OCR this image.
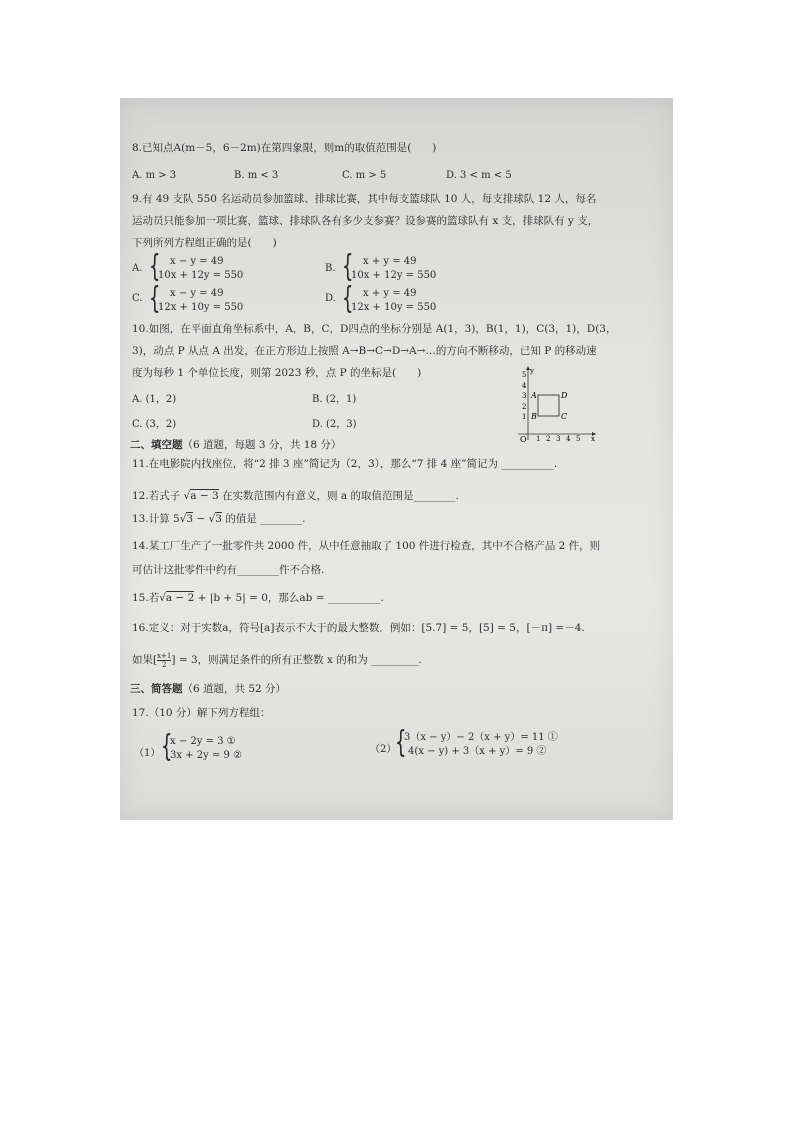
8.已知点A(m－5，6－2m)在第四象限，则m的取值范围是(　　)
A. m > 3	B. m < 3	C. m > 5	D. 3 < m < 5
9.有 49 支队 550 名运动员参加篮球、排球比赛，其中每支篮球队 10 人，每支排球队 12 人，每名
运动员只能参加一项比赛，篮球、排球队各有多少支参赛？设参赛的篮球队有 x 支，排球队有 y 支，
下列所列方程组正确的是(　　)
A. { x − y = 49
10x + 12y = 550
B. { x + y = 49
10x + 12y = 550
C. { x − y = 49
12x + 10y = 550
D. { x + y = 49
12x + 10y = 550
10.如图，在平面直角坐标系中，A，B，C，D四点的坐标分别是 A(1，3)，B(1，1)，C(3，1)，D(3，
3)，动点 P 从点 A 出发，在正方形边上按照 A→B→C→D→A→…的方向不断移动，已知 P 的移动速
度为每秒 1 个单位长度，则第 2023 秒，点 P 的坐标是(　　)
A. (1，2)	B. (2，1)
C. (3，2)	D. (2，3)
y
x
O
5
4
3
2
1
1 2 3 4 5
A
B	C
D
二、填空题（6 道题，每题 3 分，共 18 分）
11.在电影院内找座位，将“2 排 3 座”简记为（2，3），那么“7 排 4 座”简记为 __________.
12.若式子 √a − 3 在实数范围内有意义，则 a 的取值范围是________.
13.计算 5√3 − √3 的值是 ________.
14.某工厂生产了一批零件共 2000 件，从中任意抽取了 100 件进行检查，其中不合格产品 2 件，则
可估计这批零件中约有________件不合格.
15.若√a − 2 + |b + 5| = 0，那么ab = __________.
16.定义：对于实数a，符号[a]表示不大于的最大整数．例如：[5.7] = 5，[5] = 5，[－π] =－4.
如果[ $\frac{x+1}{2}$ ] = 3，则满足条件的所有正整数 x 的和为 _________.
三、简答题（6 道题，共 52 分）
17.（10 分）解下列方程组：
（1） {
x − 2y = 3 ①
3x + 2y = 9 ②
（2）
{
3（x − y）− 2（x + y）= 11 ①
4(x − y) + 3（x + y）= 9 ②
